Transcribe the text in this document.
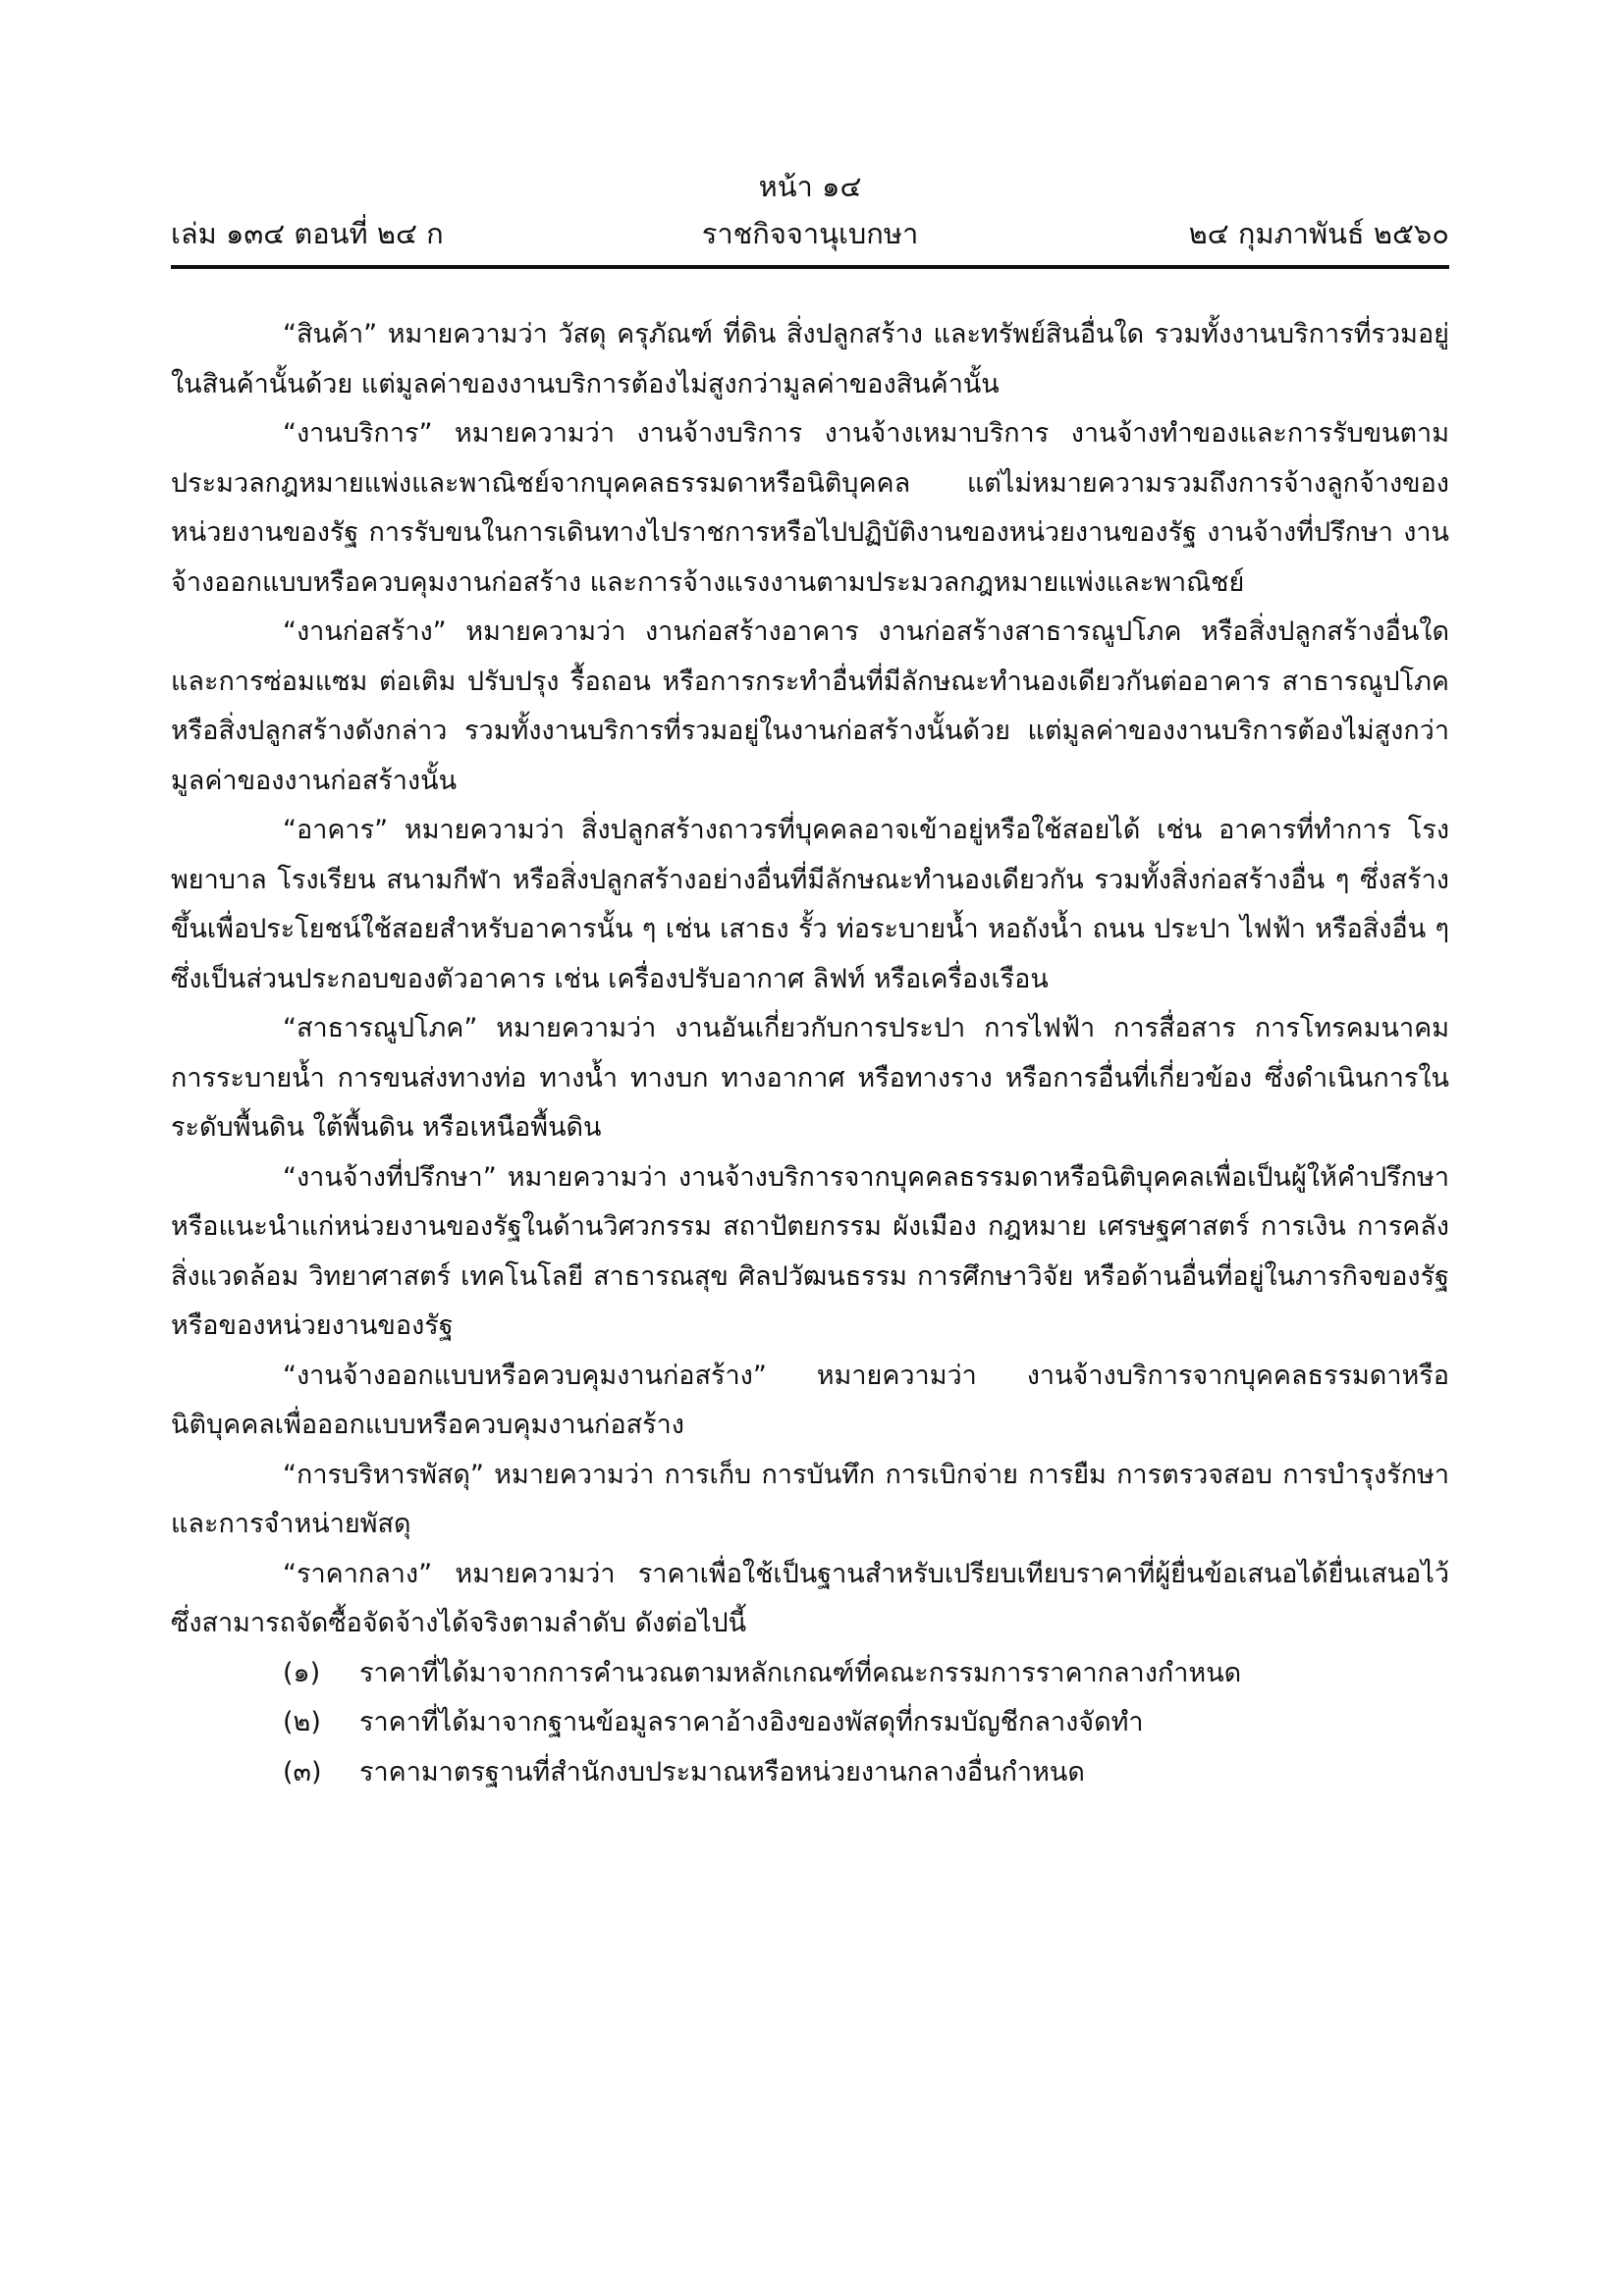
หน้า ๑๔
เล่ม ๑๓๔ ตอนที่ ๒๔ ก	ราชกิจจานุเบกษา	๒๔ กุมภาพันธ์ ๒๕๖๐

“สินค้า” หมายความว่า วัสดุ ครุภัณฑ์ ที่ดิน สิ่งปลูกสร้าง และทรัพย์สินอื่นใด รวมทั้งงานบริการที่รวมอยู่ในสินค้านั้นด้วย แต่มูลค่าของงานบริการต้องไม่สูงกว่ามูลค่าของสินค้านั้น

“งานบริการ” หมายความว่า งานจ้างบริการ งานจ้างเหมาบริการ งานจ้างทำของและการรับขนตามประมวลกฎหมายแพ่งและพาณิชย์จากบุคคลธรรมดาหรือนิติบุคคล แต่ไม่หมายความรวมถึงการจ้างลูกจ้างของหน่วยงานของรัฐ การรับขนในการเดินทางไปราชการหรือไปปฏิบัติงานของหน่วยงานของรัฐ งานจ้างที่ปรึกษา งานจ้างออกแบบหรือควบคุมงานก่อสร้าง และการจ้างแรงงานตามประมวลกฎหมายแพ่งและพาณิชย์

“งานก่อสร้าง” หมายความว่า งานก่อสร้างอาคาร งานก่อสร้างสาธารณูปโภค หรือสิ่งปลูกสร้างอื่นใด และการซ่อมแซม ต่อเติม ปรับปรุง รื้อถอน หรือการกระทำอื่นที่มีลักษณะทำนองเดียวกันต่ออาคาร สาธารณูปโภค หรือสิ่งปลูกสร้างดังกล่าว รวมทั้งงานบริการที่รวมอยู่ในงานก่อสร้างนั้นด้วย แต่มูลค่าของงานบริการต้องไม่สูงกว่ามูลค่าของงานก่อสร้างนั้น

“อาคาร” หมายความว่า สิ่งปลูกสร้างถาวรที่บุคคลอาจเข้าอยู่หรือใช้สอยได้ เช่น อาคารที่ทำการ โรงพยาบาล โรงเรียน สนามกีฬา หรือสิ่งปลูกสร้างอย่างอื่นที่มีลักษณะทำนองเดียวกัน รวมทั้งสิ่งก่อสร้างอื่น ๆ ซึ่งสร้างขึ้นเพื่อประโยชน์ใช้สอยสำหรับอาคารนั้น ๆ เช่น เสาธง รั้ว ท่อระบายน้ำ หอถังน้ำ ถนน ประปา ไฟฟ้า หรือสิ่งอื่น ๆ ซึ่งเป็นส่วนประกอบของตัวอาคาร เช่น เครื่องปรับอากาศ ลิฟท์ หรือเครื่องเรือน

“สาธารณูปโภค” หมายความว่า งานอันเกี่ยวกับการประปา การไฟฟ้า การสื่อสาร การโทรคมนาคม การระบายน้ำ การขนส่งทางท่อ ทางน้ำ ทางบก ทางอากาศ หรือทางราง หรือการอื่นที่เกี่ยวข้อง ซึ่งดำเนินการในระดับพื้นดิน ใต้พื้นดิน หรือเหนือพื้นดิน

“งานจ้างที่ปรึกษา” หมายความว่า งานจ้างบริการจากบุคคลธรรมดาหรือนิติบุคคลเพื่อเป็นผู้ให้คำปรึกษาหรือแนะนำแก่หน่วยงานของรัฐในด้านวิศวกรรม สถาปัตยกรรม ผังเมือง กฎหมาย เศรษฐศาสตร์ การเงิน การคลัง สิ่งแวดล้อม วิทยาศาสตร์ เทคโนโลยี สาธารณสุข ศิลปวัฒนธรรม การศึกษาวิจัย หรือด้านอื่นที่อยู่ในภารกิจของรัฐหรือของหน่วยงานของรัฐ

“งานจ้างออกแบบหรือควบคุมงานก่อสร้าง” หมายความว่า งานจ้างบริการจากบุคคลธรรมดาหรือนิติบุคคลเพื่อออกแบบหรือควบคุมงานก่อสร้าง

“การบริหารพัสดุ” หมายความว่า การเก็บ การบันทึก การเบิกจ่าย การยืม การตรวจสอบ การบำรุงรักษา และการจำหน่ายพัสดุ

“ราคากลาง” หมายความว่า ราคาเพื่อใช้เป็นฐานสำหรับเปรียบเทียบราคาที่ผู้ยื่นข้อเสนอได้ยื่นเสนอไว้ซึ่งสามารถจัดซื้อจัดจ้างได้จริงตามลำดับ ดังต่อไปนี้

(๑) ราคาที่ได้มาจากการคำนวณตามหลักเกณฑ์ที่คณะกรรมการราคากลางกำหนด

(๒) ราคาที่ได้มาจากฐานข้อมูลราคาอ้างอิงของพัสดุที่กรมบัญชีกลางจัดทำ

(๓) ราคามาตรฐานที่สำนักงบประมาณหรือหน่วยงานกลางอื่นกำหนด
